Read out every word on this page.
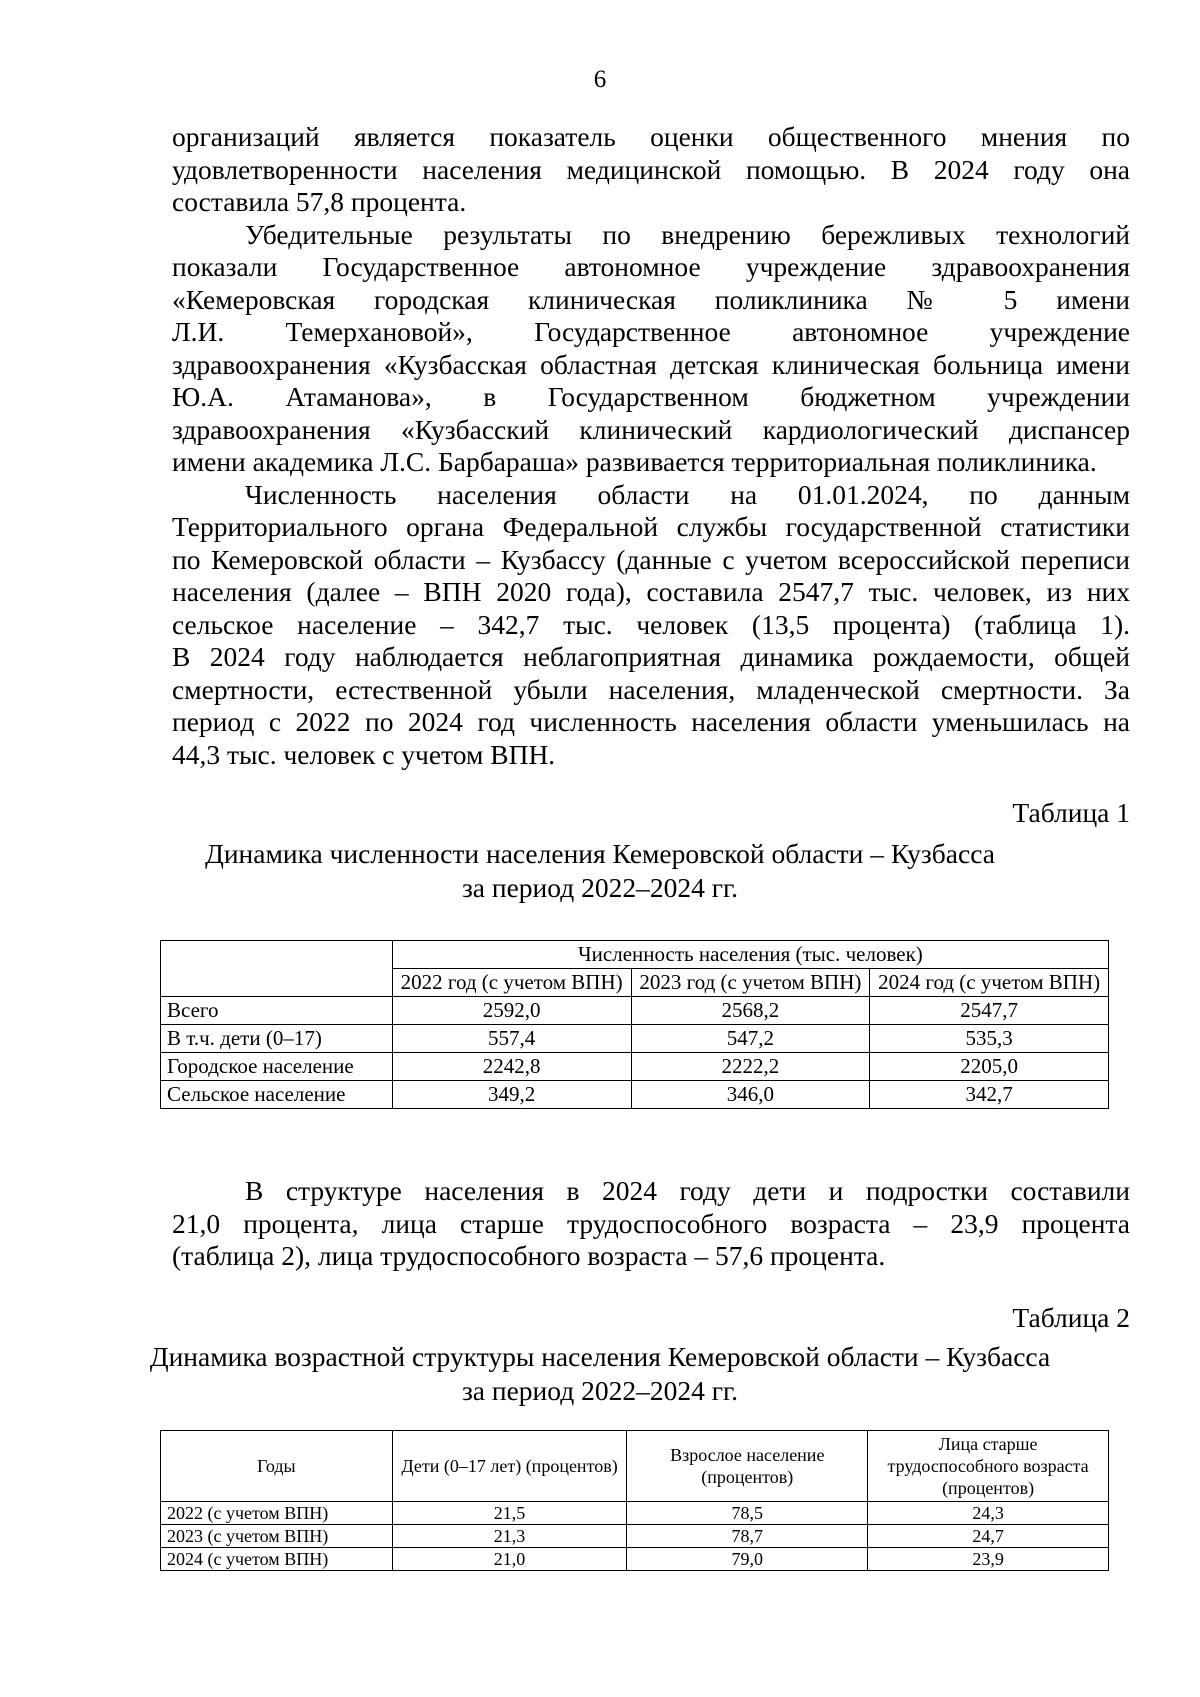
6

организаций является показатель оценки общественного мнения по

удовлетворенности населения медицинской помощью. В 2024 году она

составила 57,8 процента.

Убедительные результаты по внедрению бережливых технологий

показали Государственное автономное учреждение здравоохранения

«Кемеровская городская клиническая поликлиника № 5 имени

Л.И. Темерхановой», Государственное автономное учреждение

здравоохранения «Кузбасская областная детская клиническая больница имени

Ю.А. Атаманова», в Государственном бюджетном учреждении

здравоохранения «Кузбасский клинический кардиологический диспансер

имени академика Л.С. Барбараша» развивается территориальная поликлиника.

Численность населения области на 01.01.2024, по данным

Территориального органа Федеральной службы государственной статистики

по Кемеровской области – Кузбассу (данные с учетом всероссийской переписи

населения (далее – ВПН 2020 года), составила 2547,7 тыс. человек, из них

сельское население – 342,7 тыс. человек (13,5 процента) (таблица 1).

В 2024 году наблюдается неблагоприятная динамика рождаемости, общей

смертности, естественной убыли населения, младенческой смертности. За

период с 2022 по 2024 год численность населения области уменьшилась на

44,3 тыс. человек с учетом ВПН.

Таблица 1
Динамика численности населения Кемеровской области – Кузбасса
за период 2022–2024 гг.
	Численность населения (тыс. человек)		
	2022 год (с учетом ВПН)	2023 год (с учетом ВПН)	2024 год (с учетом ВПН)
Всего	2592,0	2568,2	2547,7
В т.ч. дети (0–17)	557,4	547,2	535,3
Городское население	2242,8	2222,2	2205,0
Сельское население	349,2	346,0	342,7

В структуре населения в 2024 году дети и подростки составили

21,0 процента, лица старше трудоспособного возраста – 23,9 процента

(таблица 2), лица трудоспособного возраста – 57,6 процента.

Таблица 2
Динамика возрастной структуры населения Кемеровской области – Кузбасса
за период 2022–2024 гг.
Годы	Дети (0–17 лет) (процентов)	Взрослое население (процентов)	Лица старше трудоспособного возраста (процентов)
2022 (с учетом ВПН)	21,5	78,5	24,3
2023 (с учетом ВПН)	21,3	78,7	24,7
2024 (с учетом ВПН)	21,0	79,0	23,9
